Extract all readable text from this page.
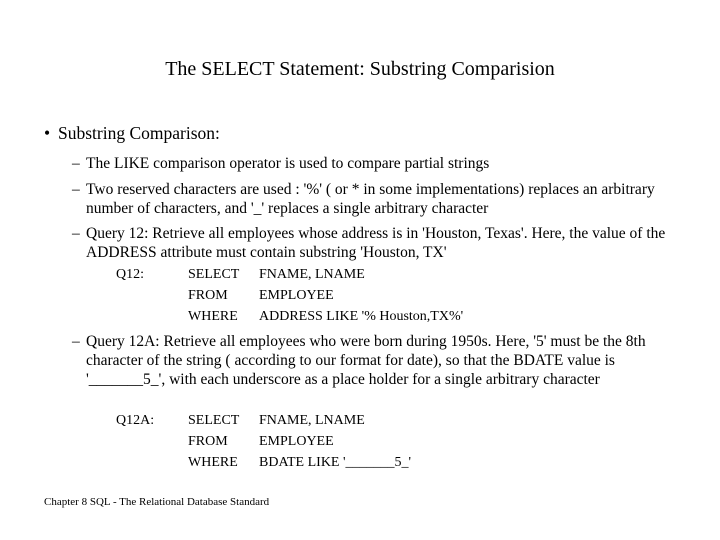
The SELECT Statement: Substring Comparision
• Substring Comparison:
– The LIKE comparison operator is used to compare partial strings
– Two reserved characters are used : '%' ( or * in some implementations) replaces an arbitrary number of characters, and '_' replaces a single arbitrary character
– Query 12: Retrieve all employees whose address is in 'Houston, Texas'. Here, the value of the ADDRESS attribute must contain substring 'Houston, TX'
Q12:	SELECT FNAME, LNAME
FROM EMPLOYEE
WHERE ADDRESS LIKE '% Houston,TX%'
– Query 12A: Retrieve all employees who were born during 1950s. Here, '5' must be the 8th character of the string ( according to our format for date), so that the BDATE value is '_______5_', with each underscore as a place holder for a single arbitrary character
Q12A: SELECT FNAME, LNAME
FROM EMPLOYEE
WHERE BDATE LIKE '_______5_'
Chapter 8 SQL - The Relational Database Standard
